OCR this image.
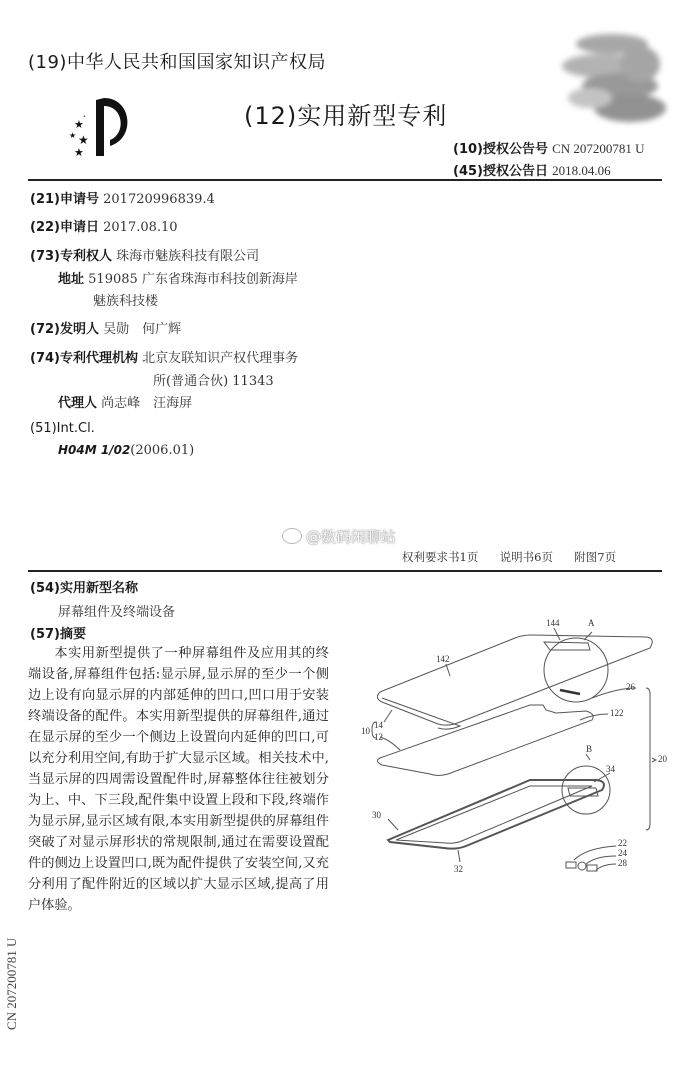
(19)中华人民共和国国家知识产权局
★
★ ★
★
•	(12)实用新型专利
(10)授权公告号 CN 207200781 U
(45)授权公告日 2018.04.06
(21)申请号 201720996839.4
(22)申请日 2017.08.10
(73)专利权人 珠海市魅族科技有限公司
地址 519085 广东省珠海市科技创新海岸
魅族科技楼
(72)发明人 吴勋　何广辉
(74)专利代理机构 北京友联知识产权代理事务
所(普通合伙) 11343
代理人 尚志峰　汪海屏
(51)Int.Cl.
H04M 1/02(2006.01)
@数码闲聊站
权利要求书1页 说明书6页 附图7页
(54)实用新型名称
屏幕组件及终端设备
(57)摘要

本实用新型提供了一种屏幕组件及应用其的终端设备,屏幕组件包括:显示屏,显示屏的至少一个侧边上设有向显示屏的内部延伸的凹口,凹口用于安装终端设备的配件。本实用新型提供的屏幕组件,通过在显示屏的至少一个侧边上设置向内延伸的凹口,可以充分利用空间,有助于扩大显示区域。相关技术中,当显示屏的四周需设置配件时,屏幕整体往往被划分为上、中、下三段,配件集中设置上段和下段,终端作为显示屏,显示区域有限,本实用新型提供的屏幕组件突破了对显示屏形状的常规限制,通过在需要设置配件的侧边上设置凹口,既为配件提供了安装空间,又充分利用了配件附近的区域以扩大显示区域,提高了用户体验。

144	A
142
26
122
14
10
12
B
34
20
30
22
24
28
32
CN 207200781 U
